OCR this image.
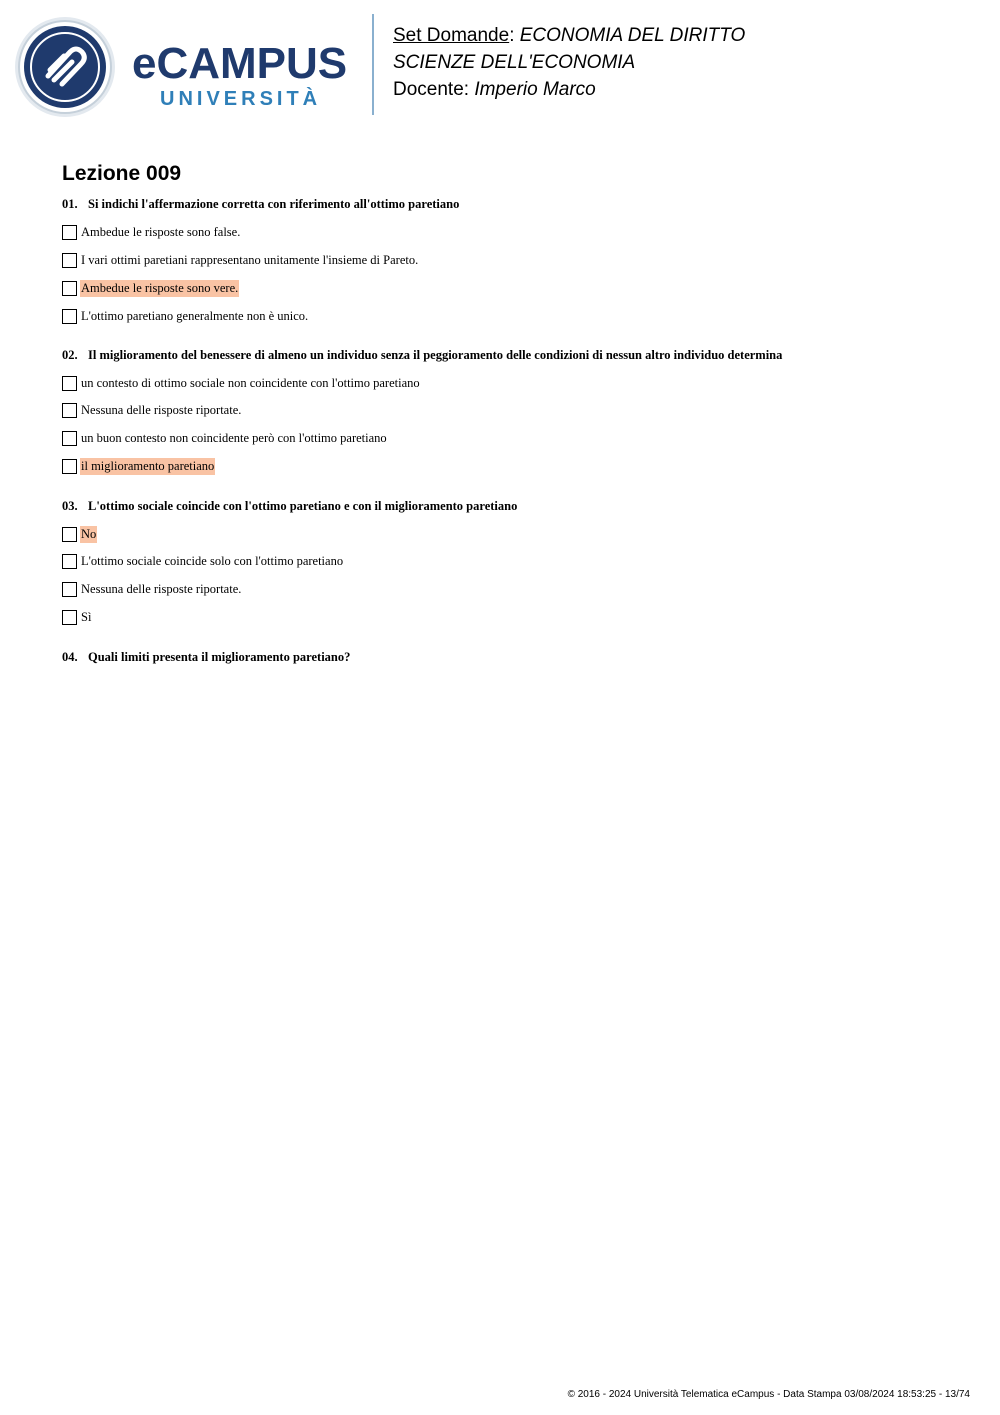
eCAMPUS
UNIVERSITÀ
Set Domande: ECONOMIA DEL DIRITTO
SCIENZE DELL'ECONOMIA
Docente: Imperio Marco
Lezione 009
01. Si indichi l'affermazione corretta con riferimento all'ottimo paretiano
Ambedue le risposte sono false.
I vari ottimi paretiani rappresentano unitamente l'insieme di Pareto.
Ambedue le risposte sono vere.
L'ottimo paretiano generalmente non è unico.
02. Il miglioramento del benessere di almeno un individuo senza il peggioramento delle condizioni di nessun altro individuo determina
un contesto di ottimo sociale non coincidente con l'ottimo paretiano
Nessuna delle risposte riportate.
un buon contesto non coincidente però con l'ottimo paretiano
il miglioramento paretiano
03. L'ottimo sociale coincide con l'ottimo paretiano e con il miglioramento paretiano
No
L'ottimo sociale coincide solo con l'ottimo paretiano
Nessuna delle risposte riportate.
Sì
04. Quali limiti presenta il miglioramento paretiano?
© 2016 - 2024 Università Telematica eCampus - Data Stampa 03/08/2024 18:53:25 - 13/74
